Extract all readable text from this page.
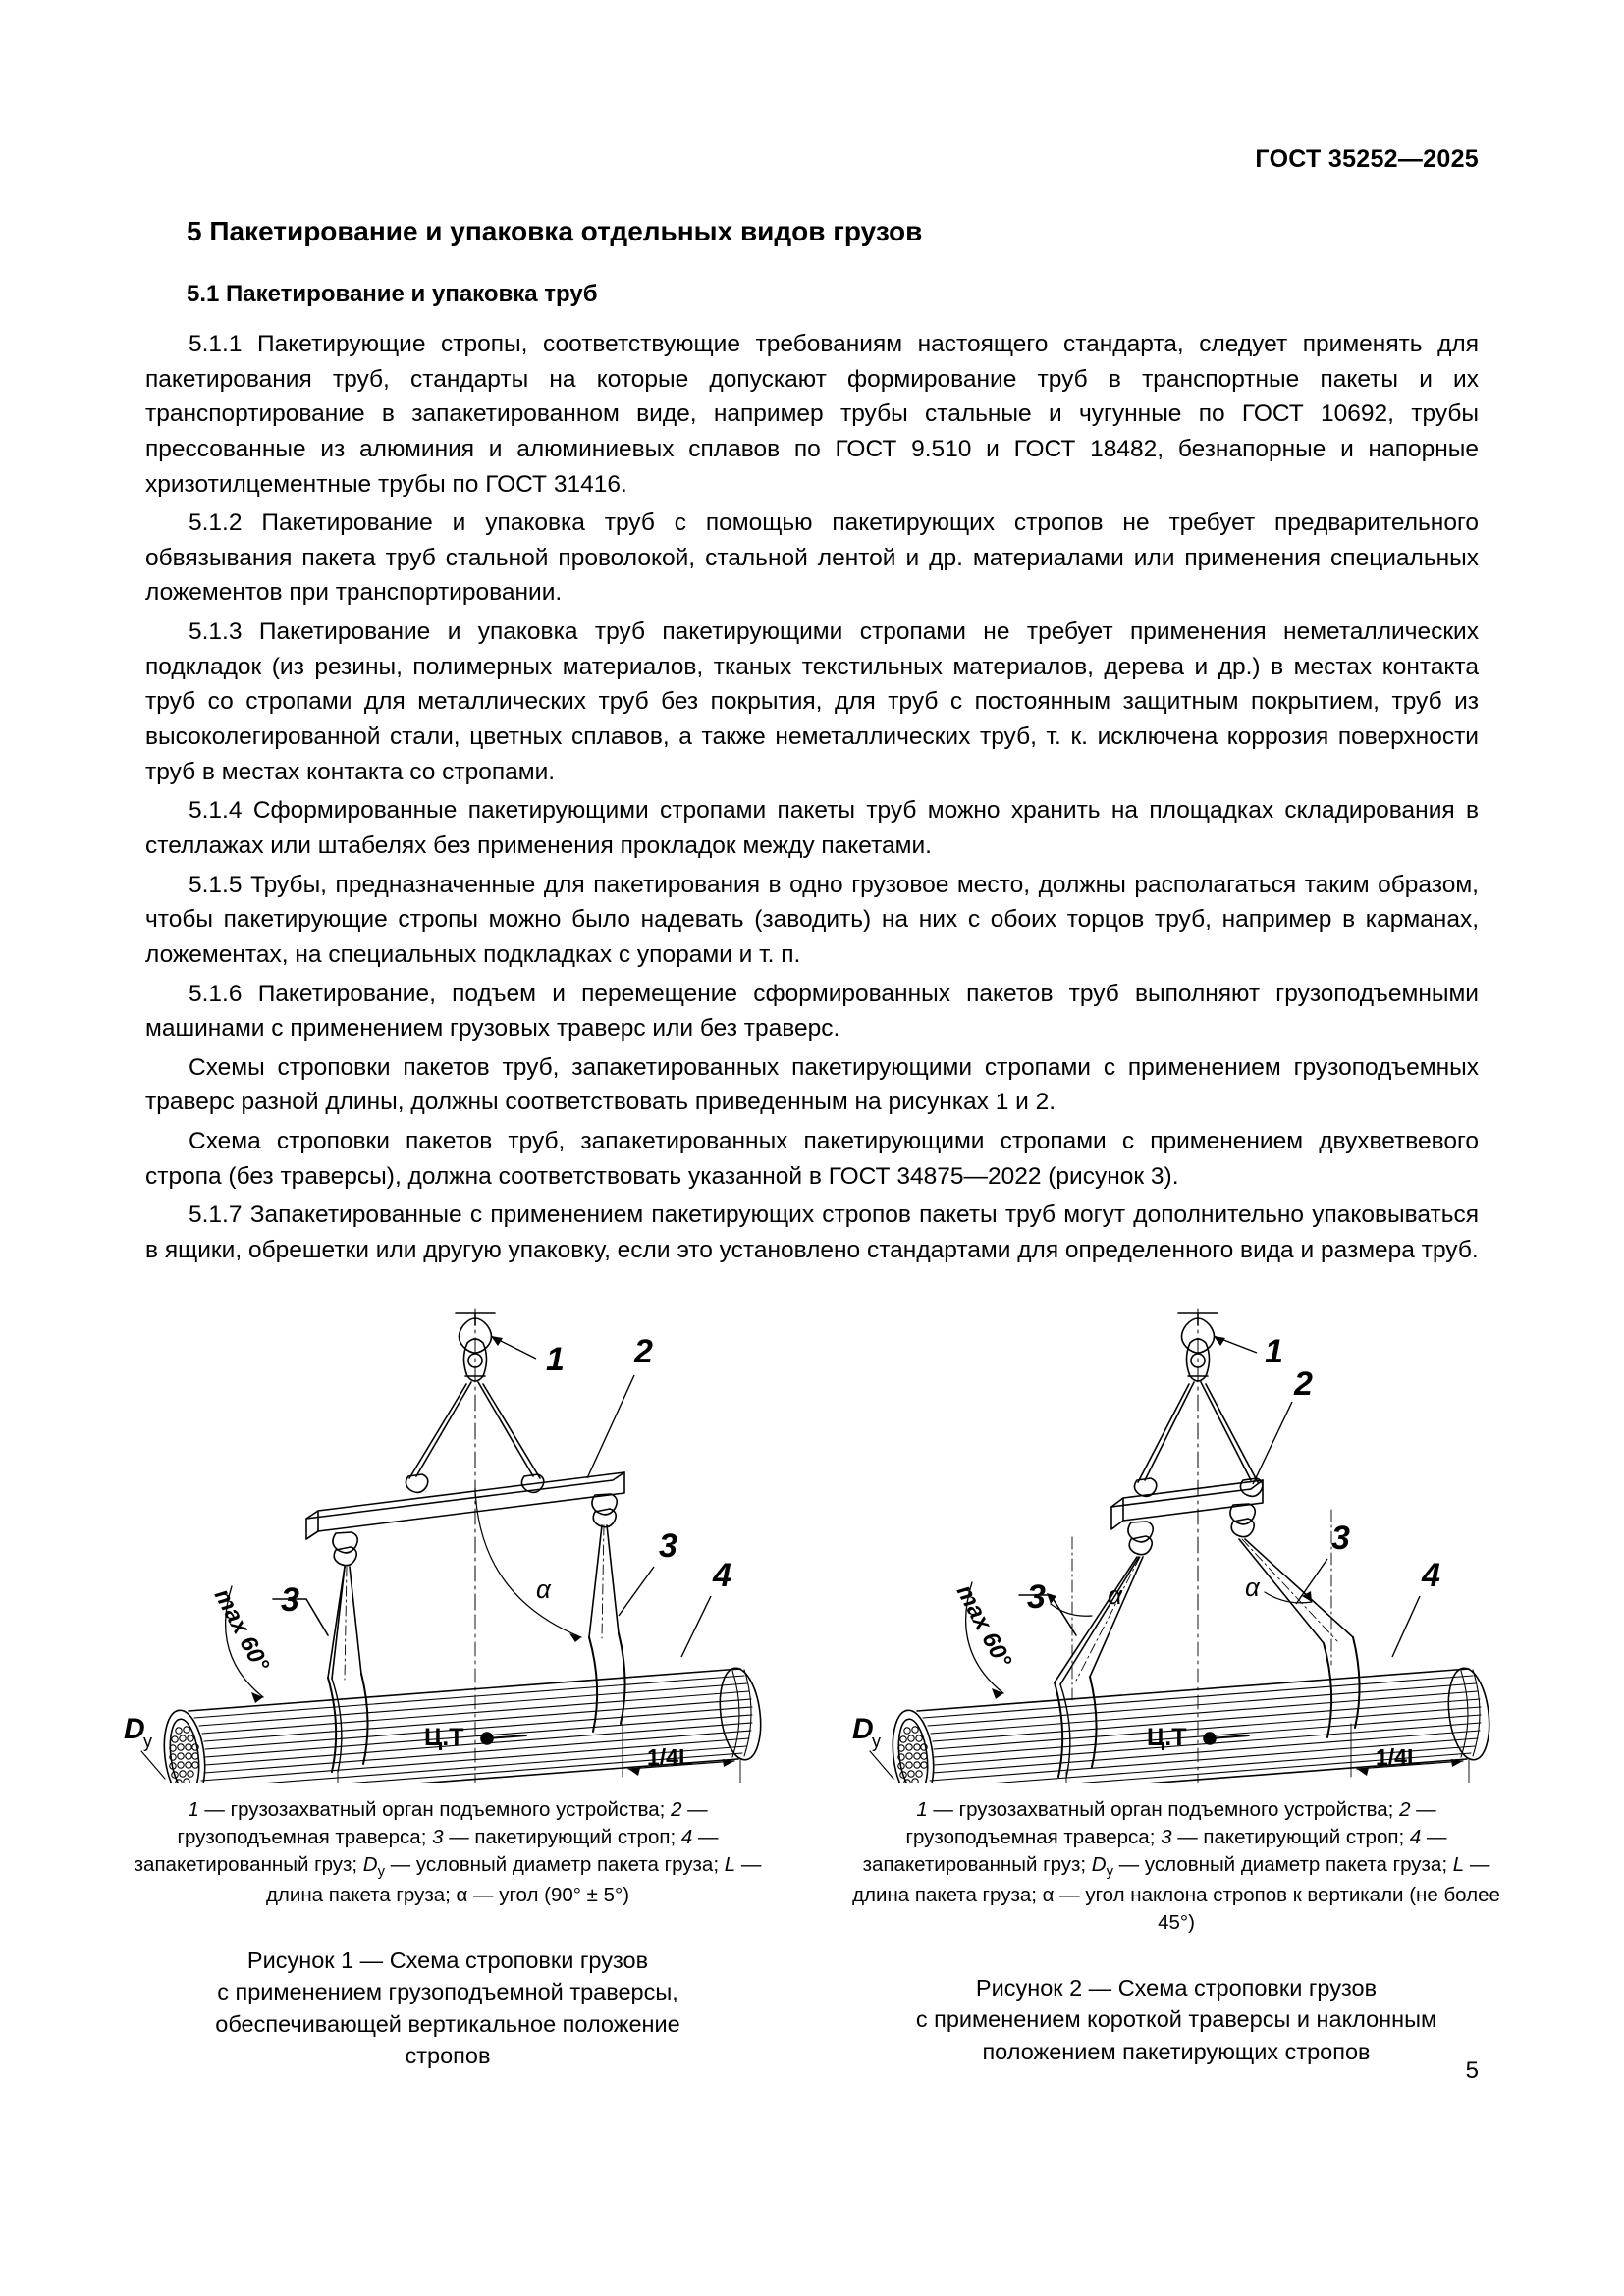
ГОСТ 35252—2025
5 Пакетирование и упаковка отдельных видов грузов
5.1 Пакетирование и упаковка труб

5.1.1 Пакетирующие стропы, соответствующие требованиям настоящего стандарта, следует применять для пакетирования труб, стандарты на которые допускают формирование труб в транспортные пакеты и их транспортирование в запакетированном виде, например трубы стальные и чугунные по ГОСТ 10692, трубы прессованные из алюминия и алюминиевых сплавов по ГОСТ 9.510 и ГОСТ 18482, безнапорные и напорные хризотилцементные трубы по ГОСТ 31416.

5.1.2 Пакетирование и упаковка труб с помощью пакетирующих стропов не требует предварительного обвязывания пакета труб стальной проволокой, стальной лентой и др. материалами или применения специальных ложементов при транспортировании.

5.1.3 Пакетирование и упаковка труб пакетирующими стропами не требует применения неметаллических подкладок (из резины, полимерных материалов, тканых текстильных материалов, дерева и др.) в местах контакта труб со стропами для металлических труб без покрытия, для труб с постоянным защитным покрытием, труб из высоколегированной стали, цветных сплавов, а также неметаллических труб, т. к. исключена коррозия поверхности труб в местах контакта со стропами.

5.1.4 Сформированные пакетирующими стропами пакеты труб можно хранить на площадках складирования в стеллажах или штабелях без применения прокладок между пакетами.

5.1.5 Трубы, предназначенные для пакетирования в одно грузовое место, должны располагаться таким образом, чтобы пакетирующие стропы можно было надевать (заводить) на них с обоих торцов труб, например в карманах, ложементах, на специальных подкладках с упорами и т. п.

5.1.6 Пакетирование, подъем и перемещение сформированных пакетов труб выполняют грузоподъемными машинами с применением грузовых траверс или без траверс.

Схемы строповки пакетов труб, запакетированных пакетирующими стропами с применением грузоподъемных траверс разной длины, должны соответствовать приведенным на рисунках 1 и 2.

Схема строповки пакетов труб, запакетированных пакетирующими стропами с применением двухветвевого стропа (без траверсы), должна соответствовать указанной в ГОСТ 34875—2022 (рисунок 3).

5.1.7 Запакетированные с применением пакетирующих стропов пакеты труб могут дополнительно упаковываться в ящики, обрешетки или другую упаковку, если это установлено стандартами для определенного вида и размера труб.

1 2
3
3
4
max 60°	α
D
у	Ц.Т
1/4L
1 — грузозахватный орган подъемного устройства; 2 — грузоподъемная траверса; 3 — пакетирующий строп; 4 — запакетированный груз; $D_у$ — условный диаметр пакета груза; L — длина пакета груза; α — угол (90° ± 5°)
Рисунок 1 — Схема строповки грузов
с применением грузоподъемной траверсы,
обеспечивающей вертикальное положение
стропов
1
2
3
3
4
max 60°	α	α
D
у	Ц.Т
1/4L
1 — грузозахватный орган подъемного устройства; 2 — грузоподъемная траверса; 3 — пакетирующий строп; 4 — запакетированный груз; $D_у$ — условный диаметр пакета груза; L — длина пакета груза; α — угол наклона стропов к вертикали (не более 45°)
Рисунок 2 — Схема строповки грузов
с применением короткой траверсы и наклонным
положением пакетирующих стропов
5
